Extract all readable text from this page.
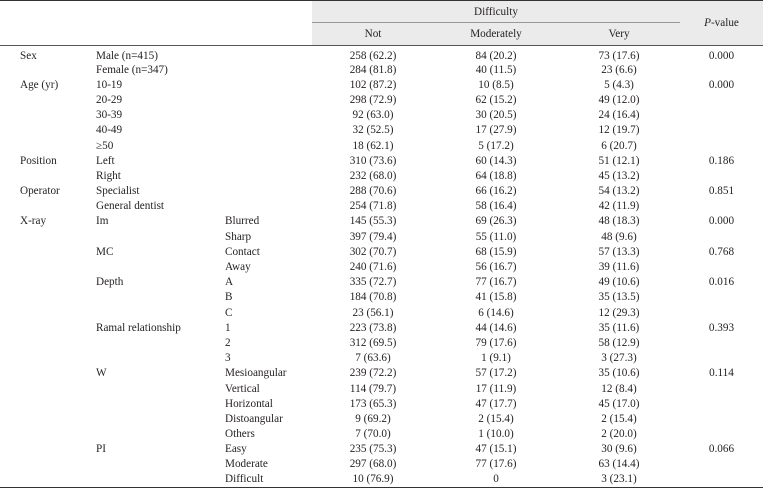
			Difficulty			P-value
			Not	Moderately	Very	
Sex	Male (n=415)		258 (62.2)	84 (20.2)	73 (17.6)	0.000
	Female (n=347)		284 (81.8)	40 (11.5)	23 (6.6)	
Age (yr)	10-19		102 (87.2)	10 (8.5)	5 (4.3)	0.000
	20-29		298 (72.9)	62 (15.2)	49 (12.0)	
	30-39		92 (63.0)	30 (20.5)	24 (16.4)	
	40-49		32 (52.5)	17 (27.9)	12 (19.7)	
	≥50		18 (62.1)	5 (17.2)	6 (20.7)	
Position	Left		310 (73.6)	60 (14.3)	51 (12.1)	0.186
	Right		232 (68.0)	64 (18.8)	45 (13.2)	
Operator	Specialist		288 (70.6)	66 (16.2)	54 (13.2)	0.851
	General dentist		254 (71.8)	58 (16.4)	42 (11.9)	
X-ray	Im	Blurred	145 (55.3)	69 (26.3)	48 (18.3)	0.000
		Sharp	397 (79.4)	55 (11.0)	48 (9.6)	
	MC	Contact	302 (70.7)	68 (15.9)	57 (13.3)	0.768
		Away	240 (71.6)	56 (16.7)	39 (11.6)	
	Depth	A	335 (72.7)	77 (16.7)	49 (10.6)	0.016
		B	184 (70.8)	41 (15.8)	35 (13.5)	
		C	23 (56.1)	6 (14.6)	12 (29.3)	
	Ramal relationship	1	223 (73.8)	44 (14.6)	35 (11.6)	0.393
		2	312 (69.5)	79 (17.6)	58 (12.9)	
		3	7 (63.6)	1 (9.1)	3 (27.3)	
	W	Mesioangular	239 (72.2)	57 (17.2)	35 (10.6)	0.114
		Vertical	114 (79.7)	17 (11.9)	12 (8.4)	
		Horizontal	173 (65.3)	47 (17.7)	45 (17.0)	
		Distoangular	9 (69.2)	2 (15.4)	2 (15.4)	
		Others	7 (70.0)	1 (10.0)	2 (20.0)	
	PI	Easy	235 (75.3)	47 (15.1)	30 (9.6)	0.066
		Moderate	297 (68.0)	77 (17.6)	63 (14.4)	
		Difficult	10 (76.9)	0	3 (23.1)	
